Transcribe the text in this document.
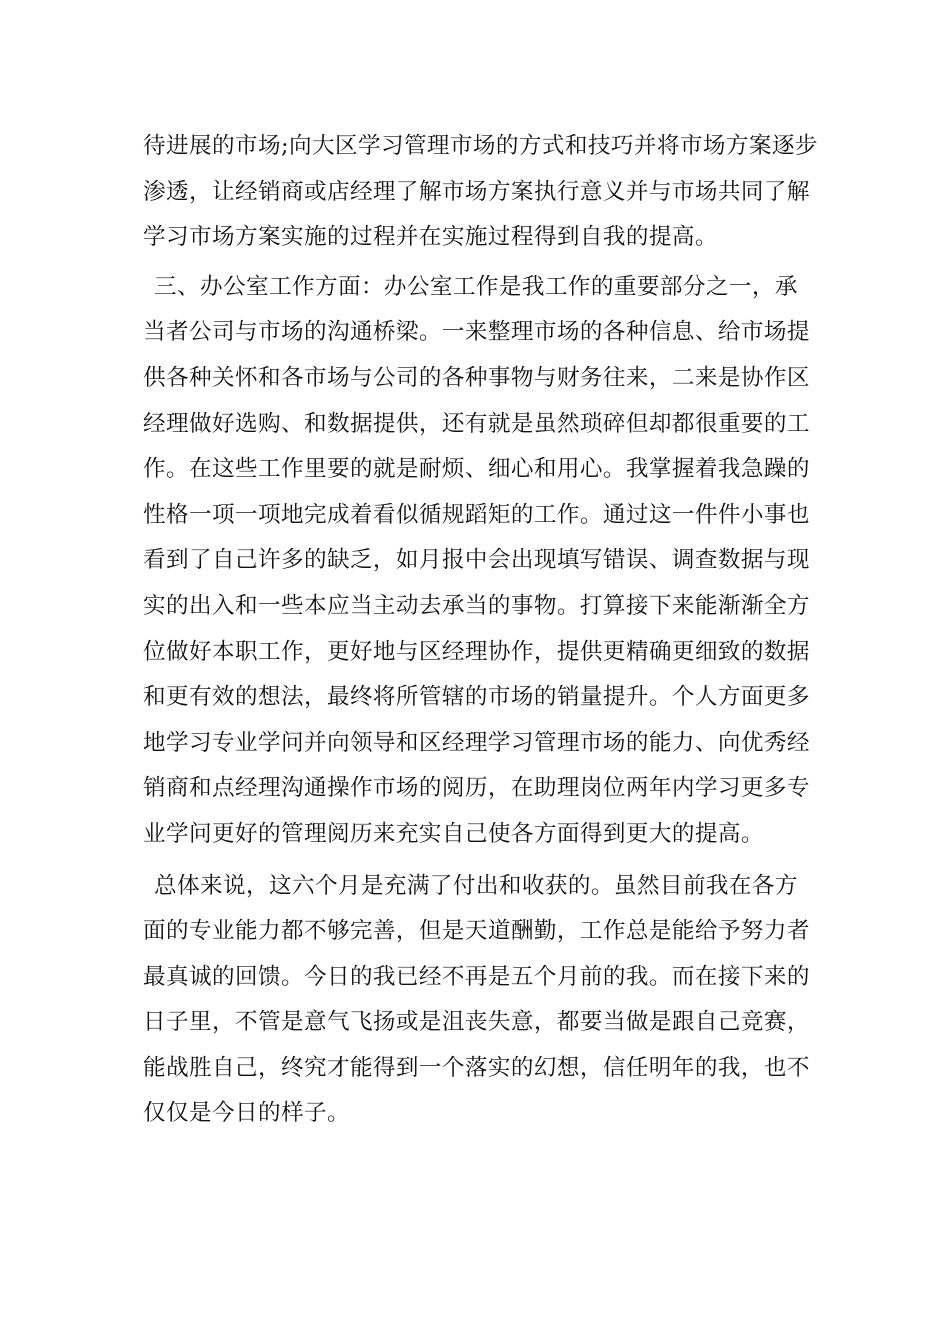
待进展的市场;向大区学习管理市场的方式和技巧并将市场方案逐步
渗透，让经销商或店经理了解市场方案执行意义并与市场共同了解
学习市场方案实施的过程并在实施过程得到自我的提高。

三、办公室工作方面：办公室工作是我工作的重要部分之一，承
当者公司与市场的沟通桥梁。一来整理市场的各种信息、给市场提
供各种关怀和各市场与公司的各种事物与财务往来，二来是协作区
经理做好选购、和数据提供，还有就是虽然琐碎但却都很重要的工
作。在这些工作里要的就是耐烦、细心和用心。我掌握着我急躁的
性格一项一项地完成着看似循规蹈矩的工作。通过这一件件小事也
看到了自己许多的缺乏，如月报中会出现填写错误、调查数据与现
实的出入和一些本应当主动去承当的事物。打算接下来能渐渐全方
位做好本职工作，更好地与区经理协作，提供更精确更细致的数据
和更有效的想法，最终将所管辖的市场的销量提升。个人方面更多
地学习专业学问并向领导和区经理学习管理市场的能力、向优秀经
销商和点经理沟通操作市场的阅历，在助理岗位两年内学习更多专
业学问更好的管理阅历来充实自己使各方面得到更大的提高。

总体来说，这六个月是充满了付出和收获的。虽然目前我在各方
面的专业能力都不够完善，但是天道酬勤，工作总是能给予努力者
最真诚的回馈。今日的我已经不再是五个月前的我。而在接下来的
日子里，不管是意气飞扬或是沮丧失意，都要当做是跟自己竞赛，
能战胜自己，终究才能得到一个落实的幻想，信任明年的我，也不
仅仅是今日的样子。
